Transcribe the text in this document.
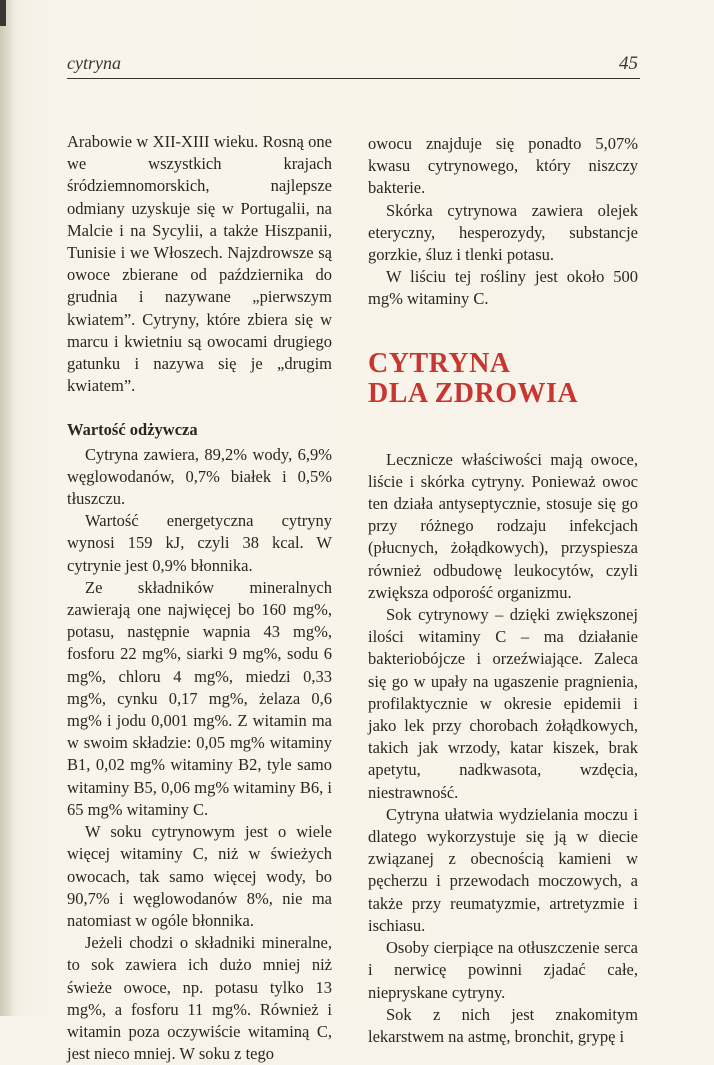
cytryna	45

Arabowie w XII-XIII wieku. Rosną one we wszystkich krajach śródziemnomorskich, najlepsze odmiany uzyskuje się w Portugalii, na Malcie i na Sycylii, a także Hiszpanii, Tunisie i we Włoszech. Najzdrowsze są owoce zbierane od października do grudnia i nazywane „pierwszym kwiatem”. Cytryny, które zbiera się w marcu i kwietniu są owocami drugiego gatunku i nazywa się je „drugim kwiatem”.

Wartość odżywcza

Cytryna zawiera, 89,2% wody, 6,9% węglowodanów, 0,7% białek i 0,5% tłuszczu.

Wartość energetyczna cytryny wynosi 159 kJ, czyli 38 kcal. W cytrynie jest 0,9% błonnika.

Ze składników mineralnych zawierają one najwięcej bo 160 mg%, potasu, następnie wapnia 43 mg%, fosforu 22 mg%, siarki 9 mg%, sodu 6 mg%, chloru 4 mg%, miedzi 0,33 mg%, cynku 0,17 mg%, żelaza 0,6 mg% i jodu 0,001 mg%. Z witamin ma w swoim składzie: 0,05 mg% witaminy B1, 0,02 mg% witaminy B2, tyle samo witaminy B5, 0,06 mg% witaminy B6, i 65 mg% witaminy C.

W soku cytrynowym jest o wiele więcej witaminy C, niż w świeżych owocach, tak samo więcej wody, bo 90,7% i węglowodanów 8%, nie ma natomiast w ogóle błonnika.

Jeżeli chodzi o składniki mineralne, to sok zawiera ich dużo mniej niż świeże owoce, np. potasu tylko 13 mg%, a fosforu 11 mg%. Również i witamin poza oczywiście witaminą C, jest nieco mniej. W soku z tego

owocu znajduje się ponadto 5,07% kwasu cytrynowego, który niszczy bakterie.

Skórka cytrynowa zawiera olejek eteryczny, hesperozydy, substancje gorzkie, śluz i tlenki potasu.

W liściu tej rośliny jest około 500 mg% witaminy C.

CYTRYNA
DLA ZDROWIA

Lecznicze właściwości mają owoce, liście i skórka cytryny. Ponieważ owoc ten działa antyseptycznie, stosuje się go przy różnego rodzaju infekcjach (płucnych, żołądkowych), przyspiesza również odbudowę leukocytów, czyli zwiększa odporość organizmu.

Sok cytrynowy – dzięki zwiększonej ilości witaminy C – ma działanie bakteriobójcze i orzeźwiające. Zaleca się go w upały na ugaszenie pragnienia, profilaktycznie w okresie epidemii i jako lek przy chorobach żołądkowych, takich jak wrzody, katar kiszek, brak apetytu, nadkwasota, wzdęcia, niestrawność.

Cytryna ułatwia wydzielania moczu i dlatego wykorzystuje się ją w diecie związanej z obecnością kamieni w pęcherzu i przewodach moczowych, a także przy reumatyzmie, artretyzmie i ischiasu.

Osoby cierpiące na otłuszczenie serca i nerwicę powinni zjadać całe, niepryskane cytryny.

Sok z nich jest znakomitym lekarstwem na astmę, bronchit, grypę i
